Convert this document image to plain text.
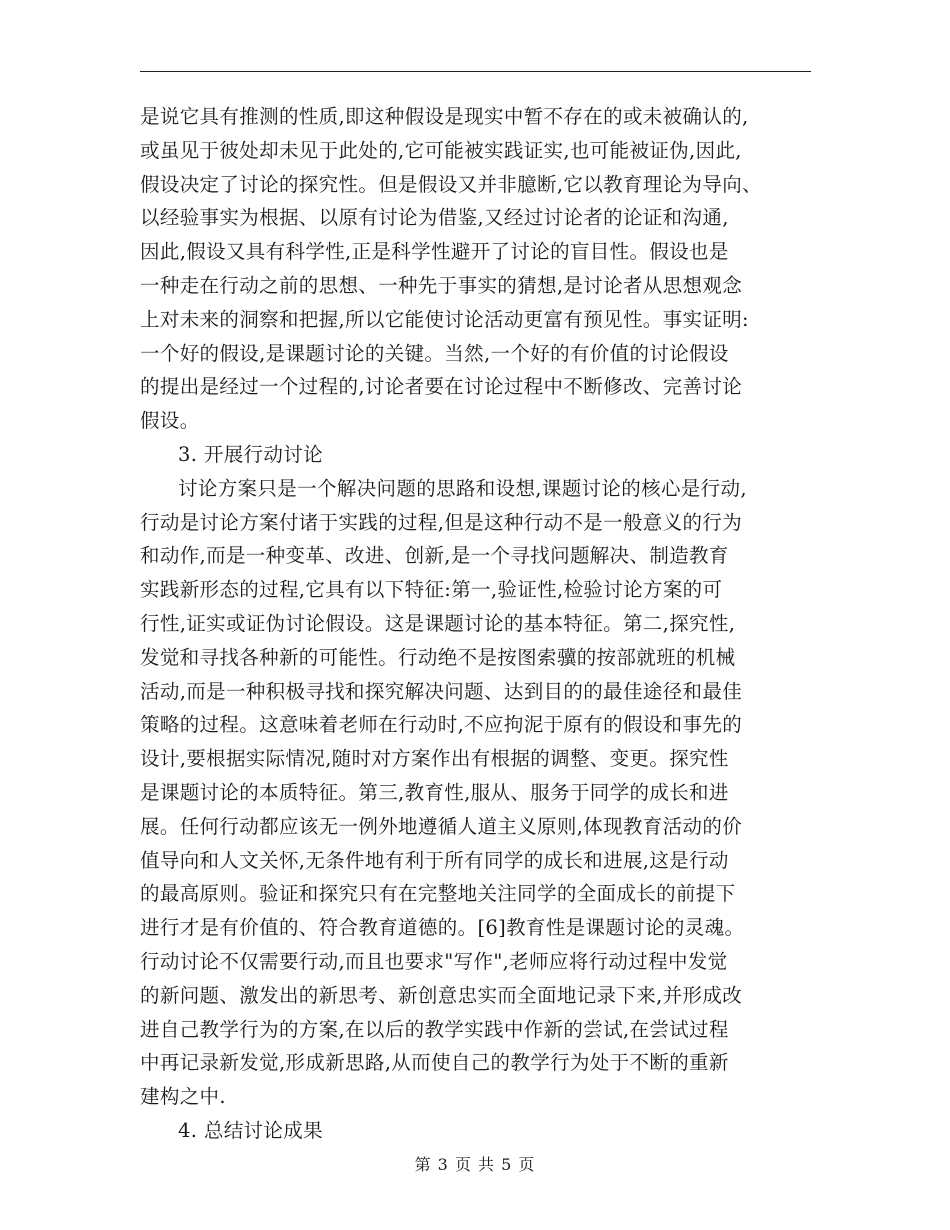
是说它具有推测的性质,即这种假设是现实中暂不存在的或未被确认的,
或虽见于彼处却未见于此处的,它可能被实践证实,也可能被证伪,因此,
假设决定了讨论的探究性。但是假设又并非臆断,它以教育理论为导向、
以经验事实为根据、以原有讨论为借鉴,又经过讨论者的论证和沟通,
因此,假设又具有科学性,正是科学性避开了讨论的盲目性。假设也是
一种走在行动之前的思想、一种先于事实的猜想,是讨论者从思想观念
上对未来的洞察和把握,所以它能使讨论活动更富有预见性。事实证明:
一个好的假设,是课题讨论的关键。当然,一个好的有价值的讨论假设
的提出是经过一个过程的,讨论者要在讨论过程中不断修改、完善讨论
假设。
3. 开展行动讨论
讨论方案只是一个解决问题的思路和设想,课题讨论的核心是行动,
行动是讨论方案付诸于实践的过程,但是这种行动不是一般意义的行为
和动作,而是一种变革、改进、创新,是一个寻找问题解决、制造教育
实践新形态的过程,它具有以下特征:第一,验证性,检验讨论方案的可
行性,证实或证伪讨论假设。这是课题讨论的基本特征。第二,探究性,
发觉和寻找各种新的可能性。行动绝不是按图索骥的按部就班的机械
活动,而是一种积极寻找和探究解决问题、达到目的的最佳途径和最佳
策略的过程。这意味着老师在行动时,不应拘泥于原有的假设和事先的
设计,要根据实际情况,随时对方案作出有根据的调整、变更。探究性
是课题讨论的本质特征。第三,教育性,服从、服务于同学的成长和进
展。任何行动都应该无一例外地遵循人道主义原则,体现教育活动的价
值导向和人文关怀,无条件地有利于所有同学的成长和进展,这是行动
的最高原则。验证和探究只有在完整地关注同学的全面成长的前提下
进行才是有价值的、符合教育道德的。[6]教育性是课题讨论的灵魂。
行动讨论不仅需要行动,而且也要求"写作",老师应将行动过程中发觉
的新问题、激发出的新思考、新创意忠实而全面地记录下来,并形成改
进自己教学行为的方案,在以后的教学实践中作新的尝试,在尝试过程
中再记录新发觉,形成新思路,从而使自己的教学行为处于不断的重新
建构之中.
4. 总结讨论成果
第 3 页 共 5 页
